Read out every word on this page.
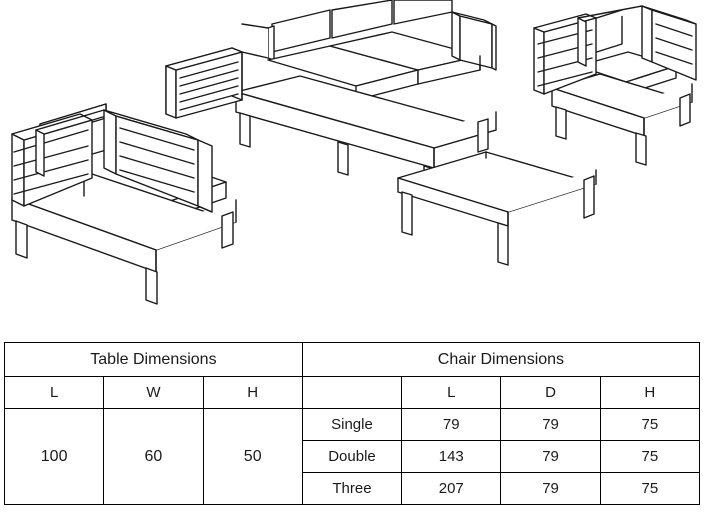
Table Dimensions			Chair Dimensions			
L	W	H		L	D	H
100	60	50	Single	79	79	75
			Double	143	79	75
			Three	207	79	75
